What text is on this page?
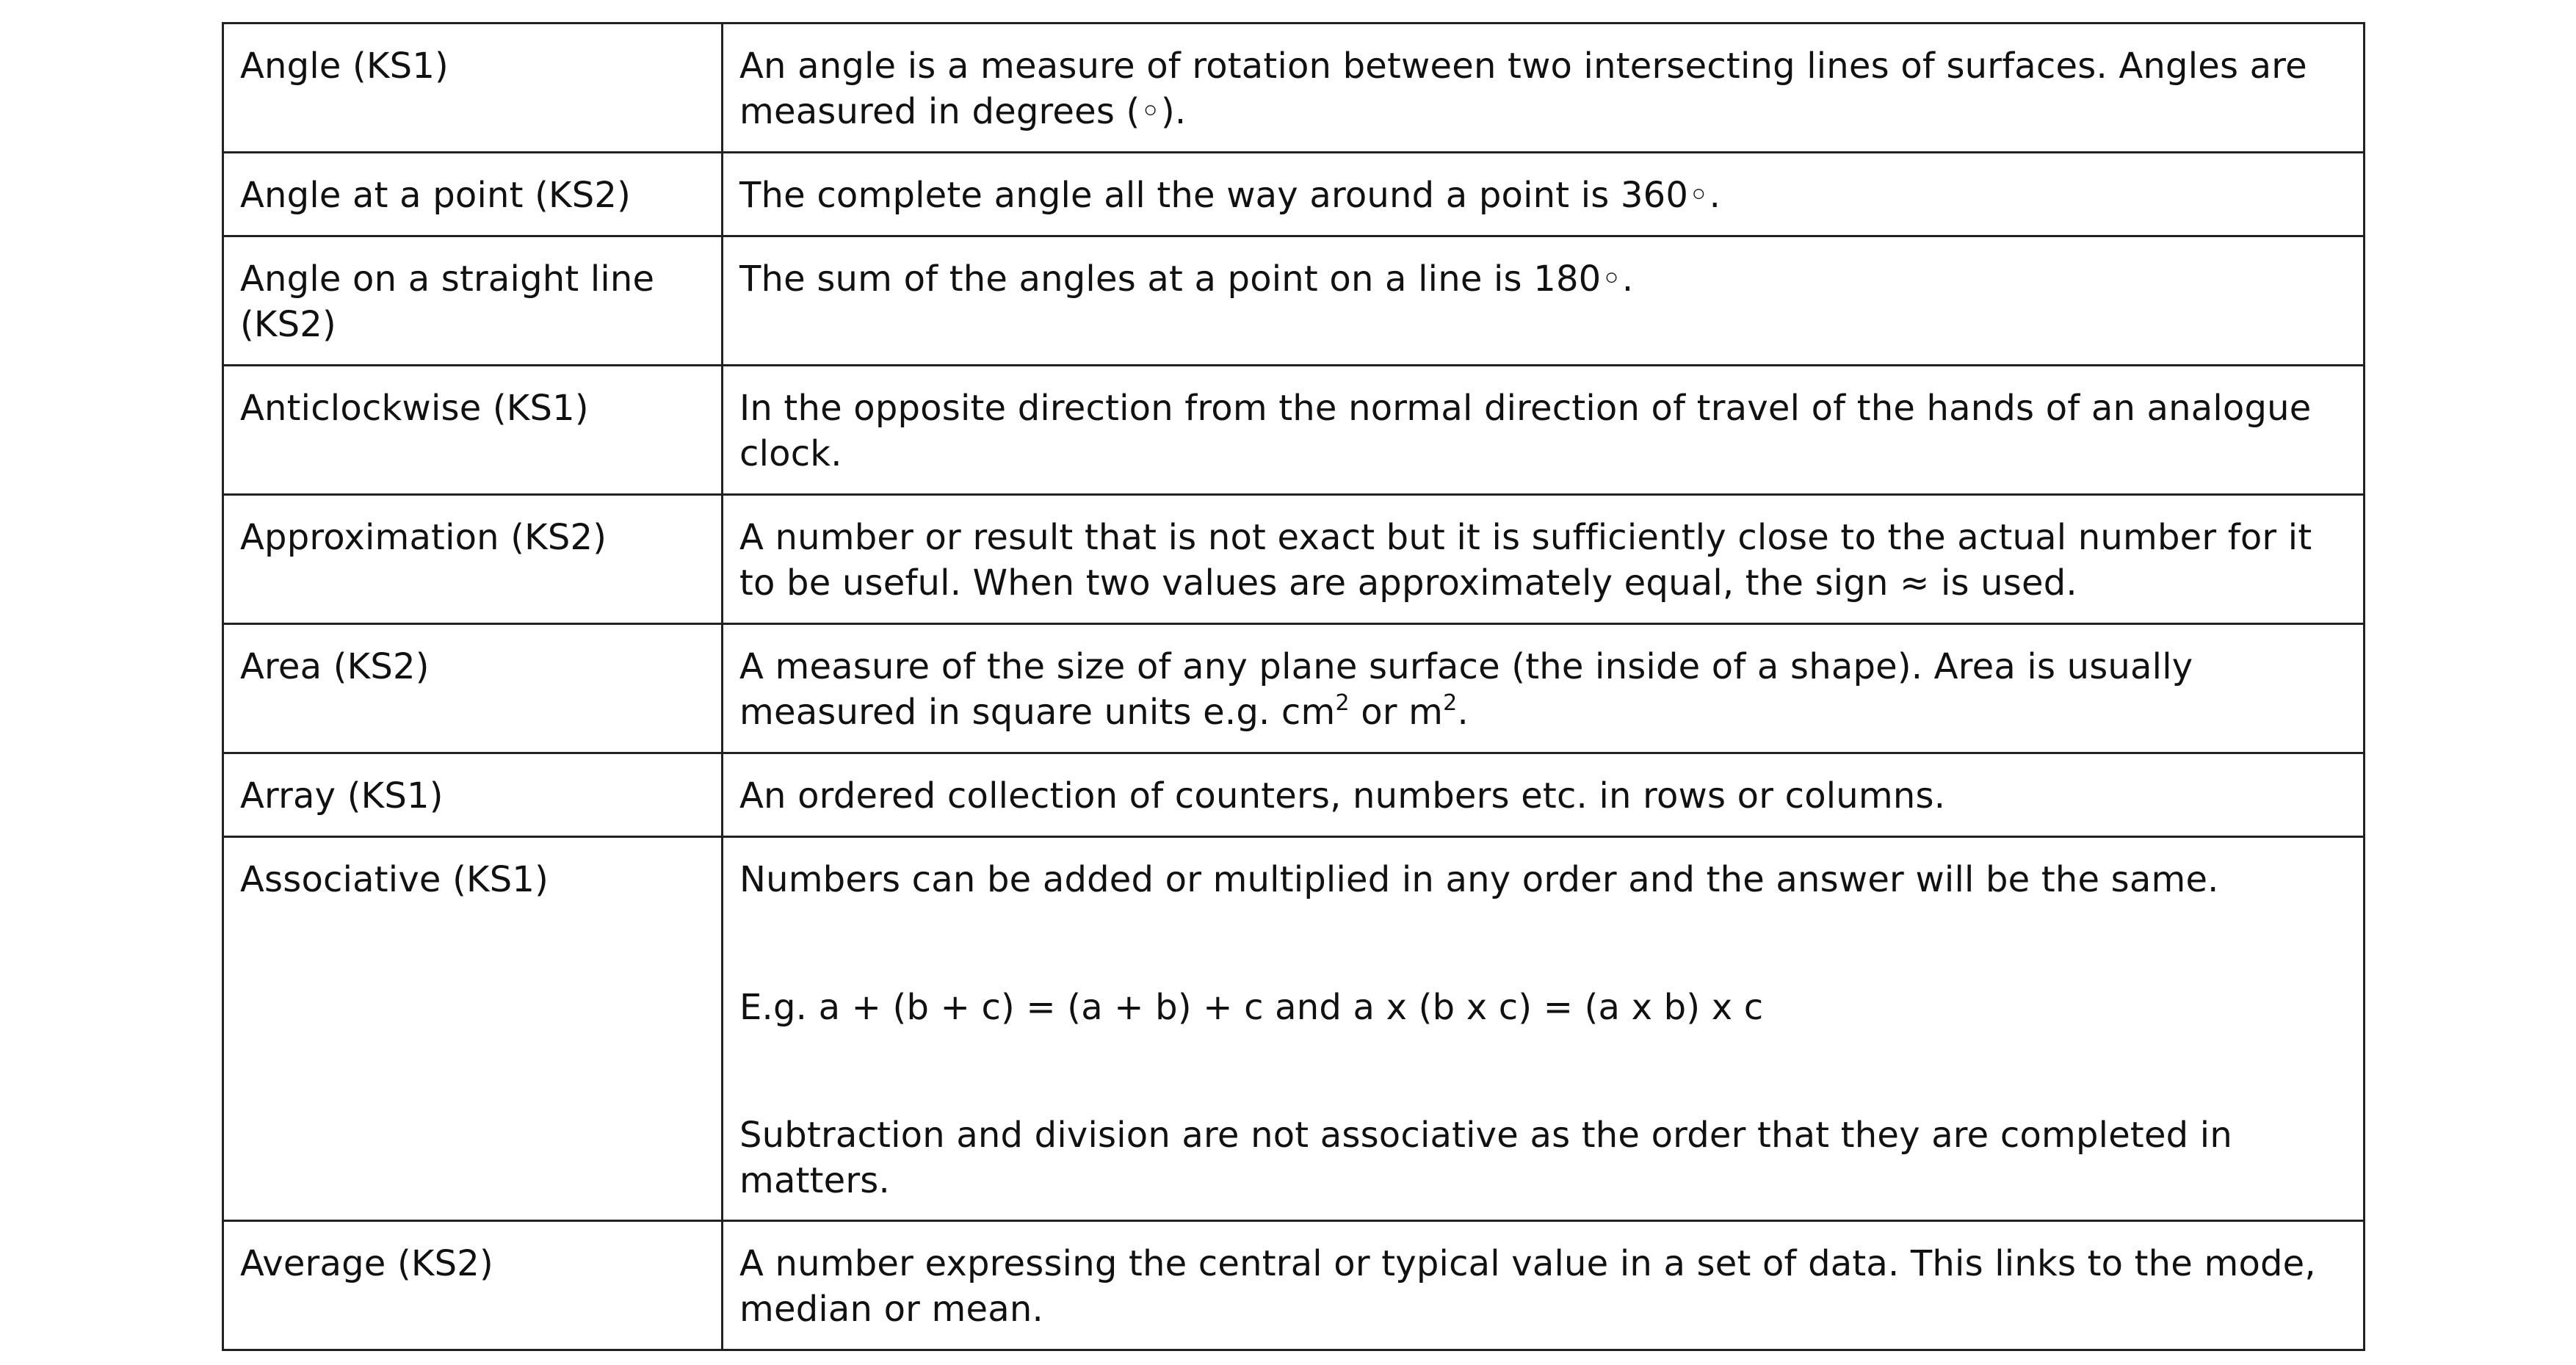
Angle (KS1)	An angle is a measure of rotation between two intersecting lines of surfaces. Angles are measured in degrees (◦).
Angle at a point (KS2)	The complete angle all the way around a point is 360◦.
Angle on a straight line (KS2)	The sum of the angles at a point on a line is 180◦.
Anticlockwise (KS1)	In the opposite direction from the normal direction of travel of the hands of an analogue clock.
Approximation (KS2)	A number or result that is not exact but it is sufficiently close to the actual number for it to be useful. When two values are approximately equal, the sign ≈ is used.
Area (KS2)	A measure of the size of any plane surface (the inside of a shape). Area is usually measured in square units e.g. $cm^2$ or $m^2$.
Array (KS1)	An ordered collection of counters, numbers etc. in rows or columns.
Associative (KS1)	Numbers can be added or multiplied in any order and the answer will be the same.
E.g. a + (b + c) = (a + b) + c and a x (b x c) = (a x b) x c
Subtraction and division are not associative as the order that they are completed in matters.

Average (KS2)	A number expressing the central or typical value in a set of data. This links to the mode, median or mean.
